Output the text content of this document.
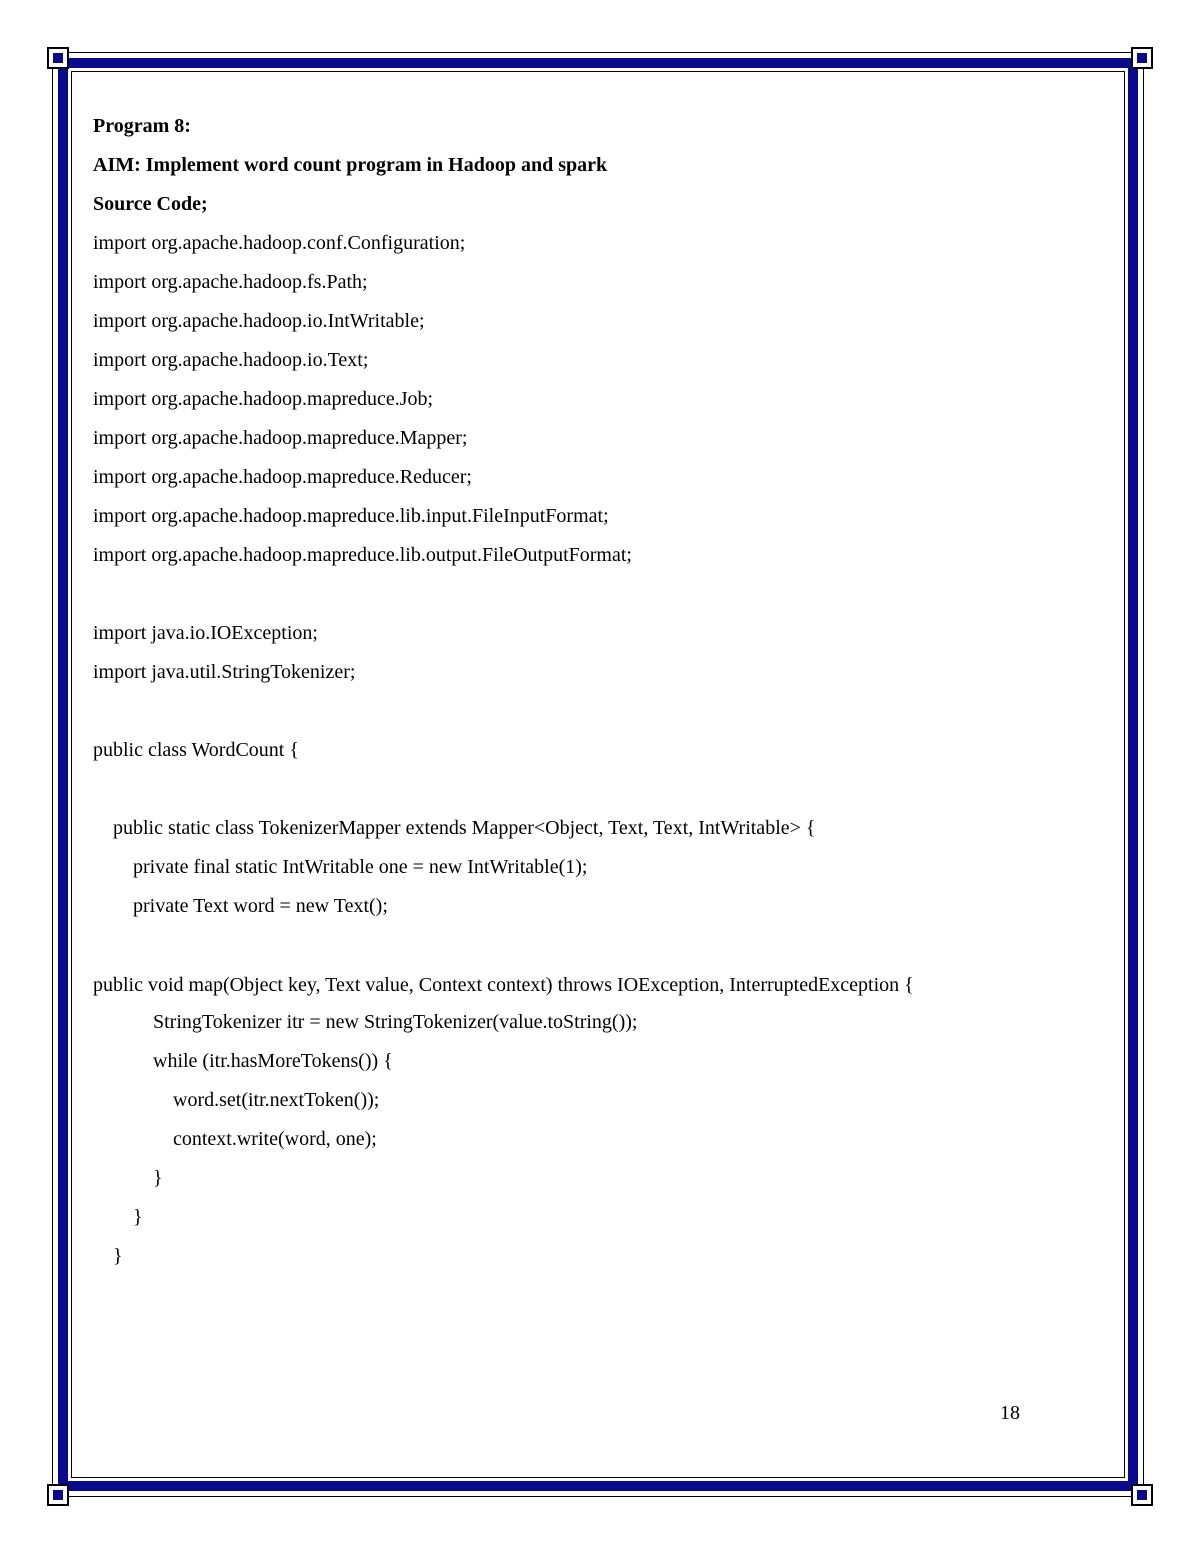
Program 8:
AIM: Implement word count program in Hadoop and spark
Source Code;
import org.apache.hadoop.conf.Configuration;
import org.apache.hadoop.fs.Path;
import org.apache.hadoop.io.IntWritable;
import org.apache.hadoop.io.Text;
import org.apache.hadoop.mapreduce.Job;
import org.apache.hadoop.mapreduce.Mapper;
import org.apache.hadoop.mapreduce.Reducer;
import org.apache.hadoop.mapreduce.lib.input.FileInputFormat;
import org.apache.hadoop.mapreduce.lib.output.FileOutputFormat;
import java.io.IOException;
import java.util.StringTokenizer;
public class WordCount {
public static class TokenizerMapper extends Mapper<Object, Text, Text, IntWritable> {
private final static IntWritable one = new IntWritable(1);
private Text word = new Text();
public void map(Object key, Text value, Context context) throws IOException, InterruptedException {
StringTokenizer itr = new StringTokenizer(value.toString());
while (itr.hasMoreTokens()) {
word.set(itr.nextToken());
context.write(word, one);
}
}
}
18
